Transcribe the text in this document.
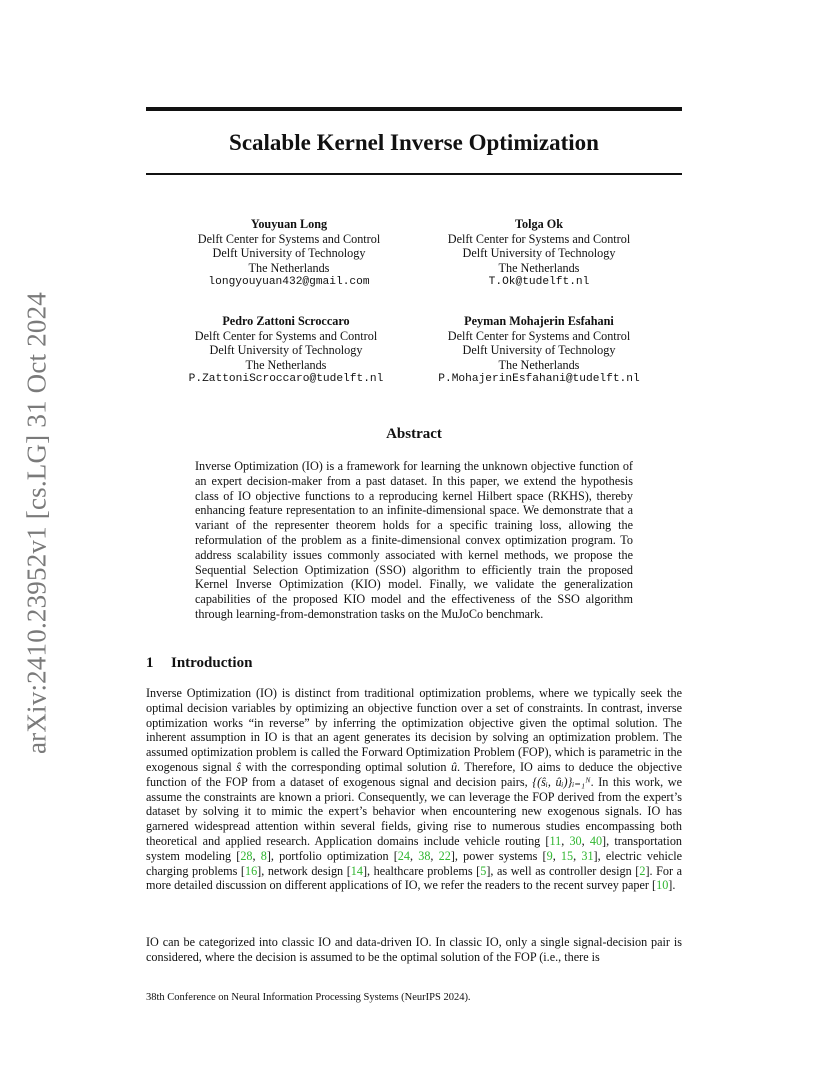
arXiv:2410.23952v1 [cs.LG] 31 Oct 2024
Scalable Kernel Inverse Optimization
Youyuan Long
Delft Center for Systems and Control
Delft University of Technology
The Netherlands
longyouyuan432@gmail.com
Tolga Ok
Delft Center for Systems and Control
Delft University of Technology
The Netherlands
T.Ok@tudelft.nl
Pedro Zattoni Scroccaro
Delft Center for Systems and Control
Delft University of Technology
The Netherlands
P.ZattoniScroccaro@tudelft.nl
Peyman Mohajerin Esfahani
Delft Center for Systems and Control
Delft University of Technology
The Netherlands
P.MohajerinEsfahani@tudelft.nl
Abstract

Inverse Optimization (IO) is a framework for learning the unknown objective function of an expert decision-maker from a past dataset. In this paper, we extend the hypothesis class of IO objective functions to a reproducing kernel Hilbert space (RKHS), thereby enhancing feature representation to an infinite-dimensional space. We demonstrate that a variant of the representer theorem holds for a specific training loss, allowing the reformulation of the problem as a finite-dimensional convex optimization program. To address scalability issues commonly associated with kernel methods, we propose the Sequential Selection Optimization (SSO) algorithm to efficiently train the proposed Kernel Inverse Optimization (KIO) model. Finally, we validate the generalization capabilities of the proposed KIO model and the effectiveness of the SSO algorithm through learning-from-demonstration tasks on the MuJoCo benchmark.

1 Introduction

Inverse Optimization (IO) is distinct from traditional optimization problems, where we typically seek the optimal decision variables by optimizing an objective function over a set of constraints. In contrast, inverse optimization works “in reverse” by inferring the optimization objective given the optimal solution. The inherent assumption in IO is that an agent generates its decision by solving an optimization problem. The assumed optimization problem is called the Forward Optimization Problem (FOP), which is parametric in the exogenous signal ŝ with the corresponding optimal solution û. Therefore, IO aims to deduce the objective function of the FOP from a dataset of exogenous signal and decision pairs, {(ŝᵢ, ûᵢ)}ᵢ₌₁ᴺ. In this work, we assume the constraints are known a priori. Consequently, we can leverage the FOP derived from the expert’s dataset by solving it to mimic the expert’s behavior when encountering new exogenous signals. IO has garnered widespread attention within several fields, giving rise to numerous studies encompassing both theoretical and applied research. Application domains include vehicle routing [11, 30, 40], transportation system modeling [28, 8], portfolio optimization [24, 38, 22], power systems [9, 15, 31], electric vehicle charging problems [16], network design [14], healthcare problems [5], as well as controller design [2]. For a more detailed discussion on different applications of IO, we refer the readers to the recent survey paper [10].

IO can be categorized into classic IO and data-driven IO. In classic IO, only a single signal-decision pair is considered, where the decision is assumed to be the optimal solution of the FOP (i.e., there is

38th Conference on Neural Information Processing Systems (NeurIPS 2024).
